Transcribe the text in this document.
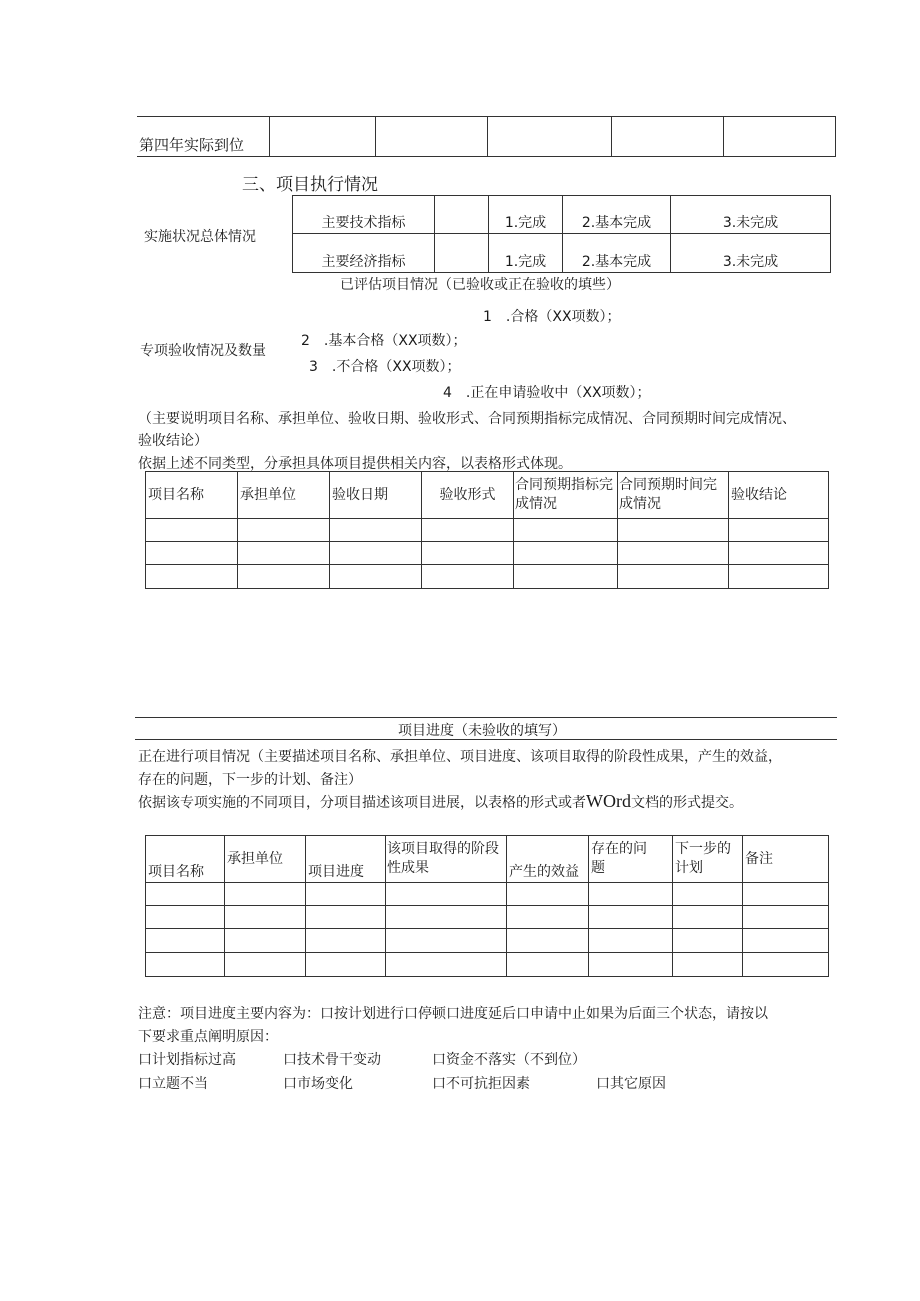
第四年实际到位					
三、项目执行情况
实施状况总体情况
主要技术指标		1.完成	2.基本完成	3.未完成
主要经济指标		1.完成	2.基本完成	3.未完成
已评估项目情况（已验收或正在验收的填些）
1　.合格（XX项数）；
专项验收情况及数量
2　.基本合格（XX项数）；
3　.不合格（XX项数）；
4　.正在申请验收中（XX项数）；
（主要说明项目名称、承担单位、验收日期、验收形式、合同预期指标完成情况、合同预期时间完成情况、
验收结论）
依据上述不同类型，分承担具体项目提供相关内容，以表格形式体现。
项目名称	承担单位	验收日期	验收形式	合同预期指标完成情况	合同预期时间完成情况	验收结论

项目进度（未验收的填写）
正在进行项目情况（主要描述项目名称、承担单位、项目进度、该项目取得的阶段性成果，产生的效益，
存在的问题，下一步的计划、备注）
依据该专项实施的不同项目，分项目描述该项目进展，以表格的形式或者WOrd文档的形式提交。
项目名称	承担单位	项目进度	该项目取得的阶段性成果	产生的效益	存在的问题	下一步的计划	备注

注意：项目进度主要内容为：口按计划进行口停顿口进度延后口申请中止如果为后面三个状态，请按以
下要求重点阐明原因：
口计划指标过高	口技术骨干变动	口资金不落实（不到位）
口立题不当	口市场变化	口不可抗拒因素	口其它原因
